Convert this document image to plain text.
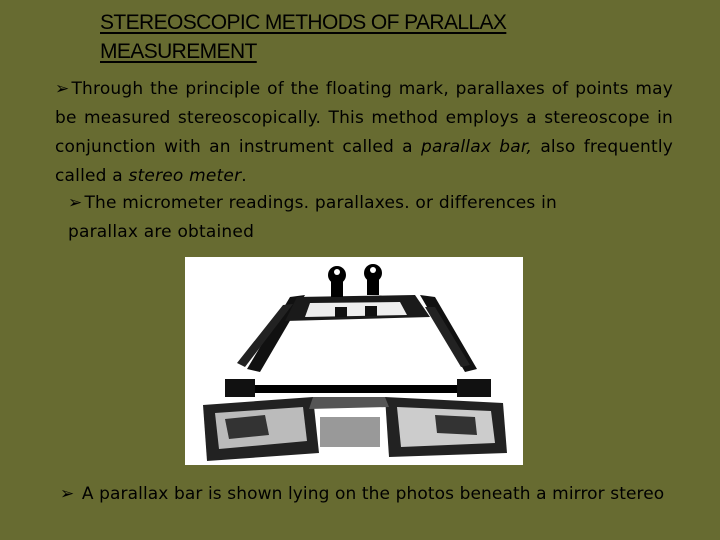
STEREOSCOPIC METHODS OF PARALLAX
MEASUREMENT

➢ Through the principle of the floating mark, parallaxes of points may be measured stereoscopically. This method employs a stereoscope in conjunction with an instrument called a parallax bar, also frequently called a stereo meter.

➢ The micrometer readings. parallaxes. or differences in parallax are obtained

➢ A parallax bar is shown lying on the photos beneath a mirror stereo
